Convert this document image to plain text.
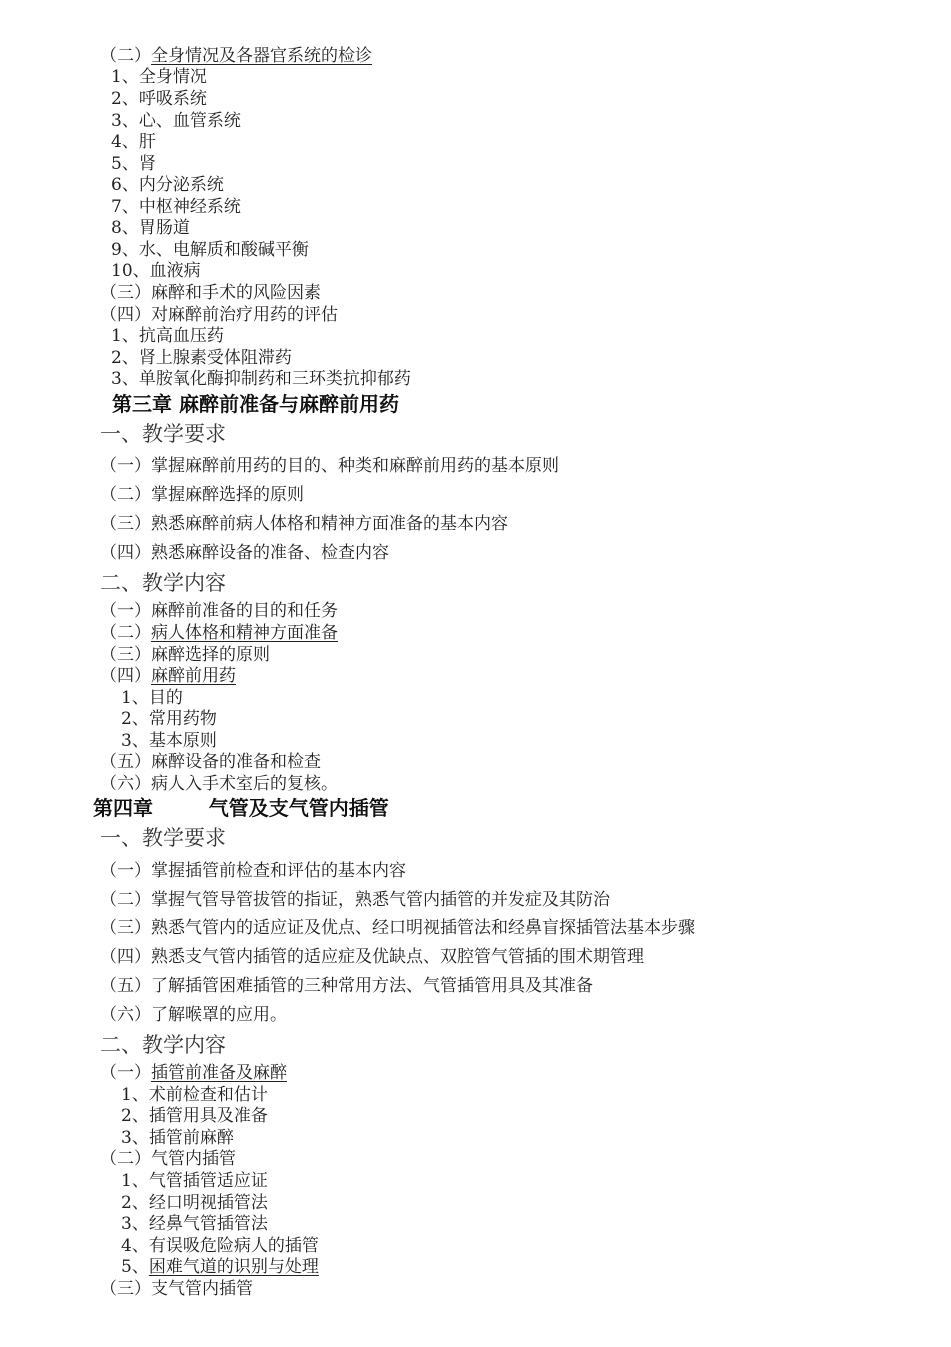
（二）全身情况及各器官系统的检诊
1、全身情况
2、呼吸系统
3、心、血管系统
4、肝
5、肾
6、内分泌系统
7、中枢神经系统
8、胃肠道
9、水、电解质和酸碱平衡
10、血液病
（三）麻醉和手术的风险因素
（四）对麻醉前治疗用药的评估
1、抗高血压药
2、肾上腺素受体阻滞药
3、单胺氧化酶抑制药和三环类抗抑郁药
第三章 麻醉前准备与麻醉前用药
一、教学要求
（一）掌握麻醉前用药的目的、种类和麻醉前用药的基本原则
（二）掌握麻醉选择的原则
（三）熟悉麻醉前病人体格和精神方面准备的基本内容
（四）熟悉麻醉设备的准备、检查内容
二、教学内容
（一）麻醉前准备的目的和任务
（二）病人体格和精神方面准备
（三）麻醉选择的原则
（四）麻醉前用药
1、目的
2、常用药物
3、基本原则
（五）麻醉设备的准备和检查
（六）病人入手术室后的复核。
第四章        气管及支气管内插管
一、教学要求
（一）掌握插管前检查和评估的基本内容
（二）掌握气管导管拔管的指证，熟悉气管内插管的并发症及其防治
（三）熟悉气管内的适应证及优点、经口明视插管法和经鼻盲探插管法基本步骤
（四）熟悉支气管内插管的适应症及优缺点、双腔管气管插的围术期管理
（五）了解插管困难插管的三种常用方法、气管插管用具及其准备
（六）了解喉罩的应用。
二、教学内容
（一）插管前准备及麻醉
1、术前检查和估计
2、插管用具及准备
3、插管前麻醉
（二）气管内插管
1、气管插管适应证
2、经口明视插管法
3、经鼻气管插管法
4、有误吸危险病人的插管
5、困难气道的识别与处理
（三）支气管内插管
